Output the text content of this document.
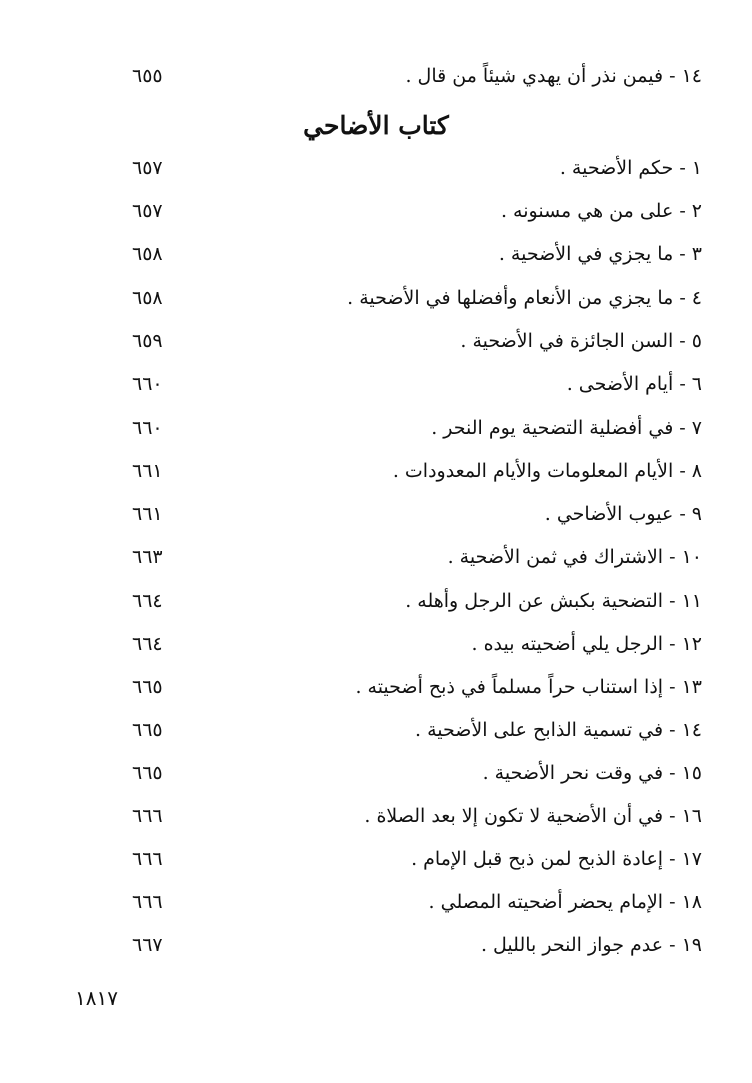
١٤ - فيمن نذر أن يهدي شيئاً من قال .
٦٥٥
كتاب الأضاحي
١ - حكم الأضحية .
٦٥٧
٢ - على من هي مسنونه .
٦٥٧
٣ - ما يجزي في الأضحية .
٦٥٨
٤ - ما يجزي من الأنعام وأفضلها في الأضحية .
٦٥٨
٥ - السن الجائزة في الأضحية .
٦٥٩
٦ - أيام الأضحى .
٦٦٠
٧ - في أفضلية التضحية يوم النحر .
٦٦٠
٨ - الأيام المعلومات والأيام المعدودات .
٦٦١
٩ - عيوب الأضاحي .
٦٦١
١٠ - الاشتراك في ثمن الأضحية .
٦٦٣
١١ - التضحية بكبش عن الرجل وأهله .
٦٦٤
١٢ - الرجل يلي أضحيته بيده .
٦٦٤
١٣ - إذا استناب حراً مسلماً في ذبح أضحيته .
٦٦٥
١٤ - في تسمية الذابح على الأضحية .
٦٦٥
١٥ - في وقت نحر الأضحية .
٦٦٥
١٦ - في أن الأضحية لا تكون إلا بعد الصلاة .
٦٦٦
١٧ - إعادة الذبح لمن ذبح قبل الإمام .
٦٦٦
١٨ - الإمام يحضر أضحيته المصلي .
٦٦٦
١٩ - عدم جواز النحر بالليل .
٦٦٧
١٨١٧
